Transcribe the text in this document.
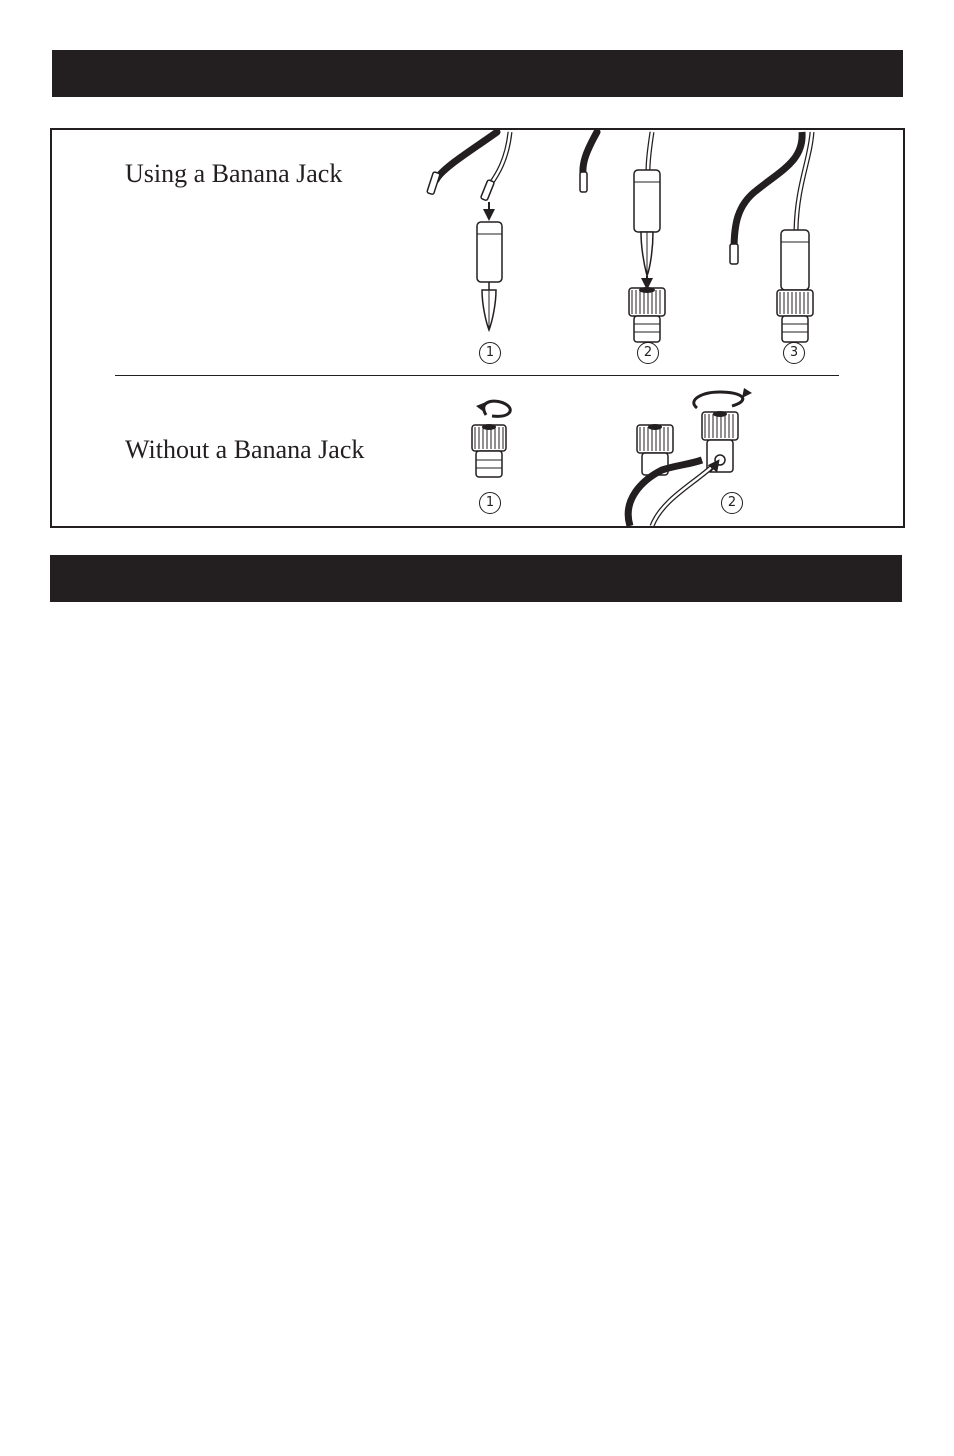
Using a Banana Jack
Without a Banana Jack
1	2	3
1	2
